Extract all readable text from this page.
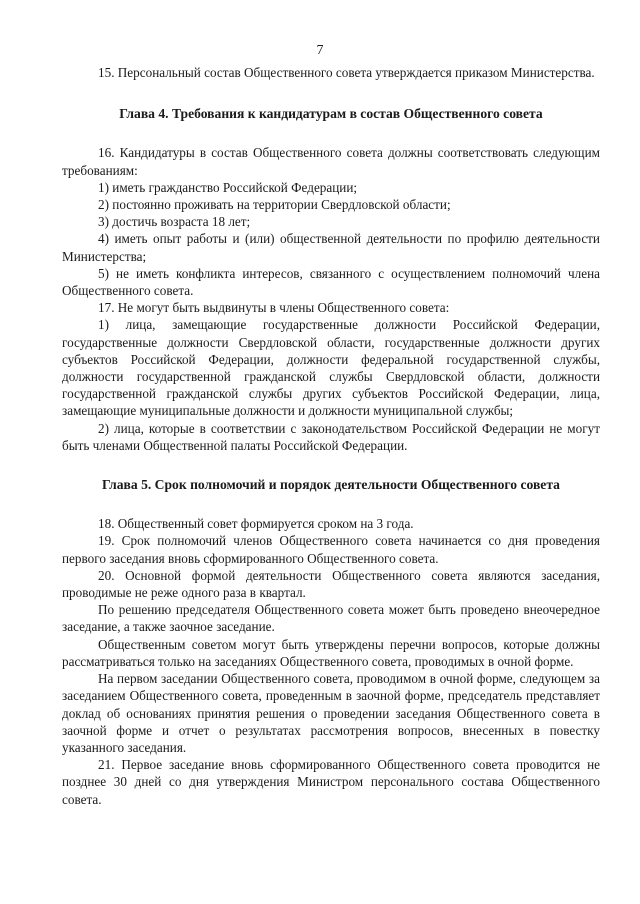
7

15. Персональный состав Общественного совета утверждается приказом Министерства.

Глава 4. Требования к кандидатурам в состав Общественного совета

16. Кандидатуры в состав Общественного совета должны соответствовать следующим требованиям:

1) иметь гражданство Российской Федерации;

2) постоянно проживать на территории Свердловской области;

3) достичь возраста 18 лет;

4) иметь опыт работы и (или) общественной деятельности по профилю деятельности Министерства;

5) не иметь конфликта интересов, связанного с осуществлением полномочий члена Общественного совета.

17. Не могут быть выдвинуты в члены Общественного совета:

1) лица, замещающие государственные должности Российской Федерации, государственные должности Свердловской области, государственные должности других субъектов Российской Федерации, должности федеральной государственной службы, должности государственной гражданской службы Свердловской области, должности государственной гражданской службы других субъектов Российской Федерации, лица, замещающие муниципальные должности и должности муниципальной службы;

2) лица, которые в соответствии с законодательством Российской Федерации не могут быть членами Общественной палаты Российской Федерации.

Глава 5. Срок полномочий и порядок деятельности Общественного совета

18. Общественный совет формируется сроком на 3 года.

19. Срок полномочий членов Общественного совета начинается со дня проведения первого заседания вновь сформированного Общественного совета.

20. Основной формой деятельности Общественного совета являются заседания, проводимые не реже одного раза в квартал.

По решению председателя Общественного совета может быть проведено внеочередное заседание, а также заочное заседание.

Общественным советом могут быть утверждены перечни вопросов, которые должны рассматриваться только на заседаниях Общественного совета, проводимых в очной форме.

На первом заседании Общественного совета, проводимом в очной форме, следующем за заседанием Общественного совета, проведенным в заочной форме, председатель представляет доклад об основаниях принятия решения о проведении заседания Общественного совета в заочной форме и отчет о результатах рассмотрения вопросов, внесенных в повестку указанного заседания.

21. Первое заседание вновь сформированного Общественного совета проводится не позднее 30 дней со дня утверждения Министром персонального состава Общественного совета.
